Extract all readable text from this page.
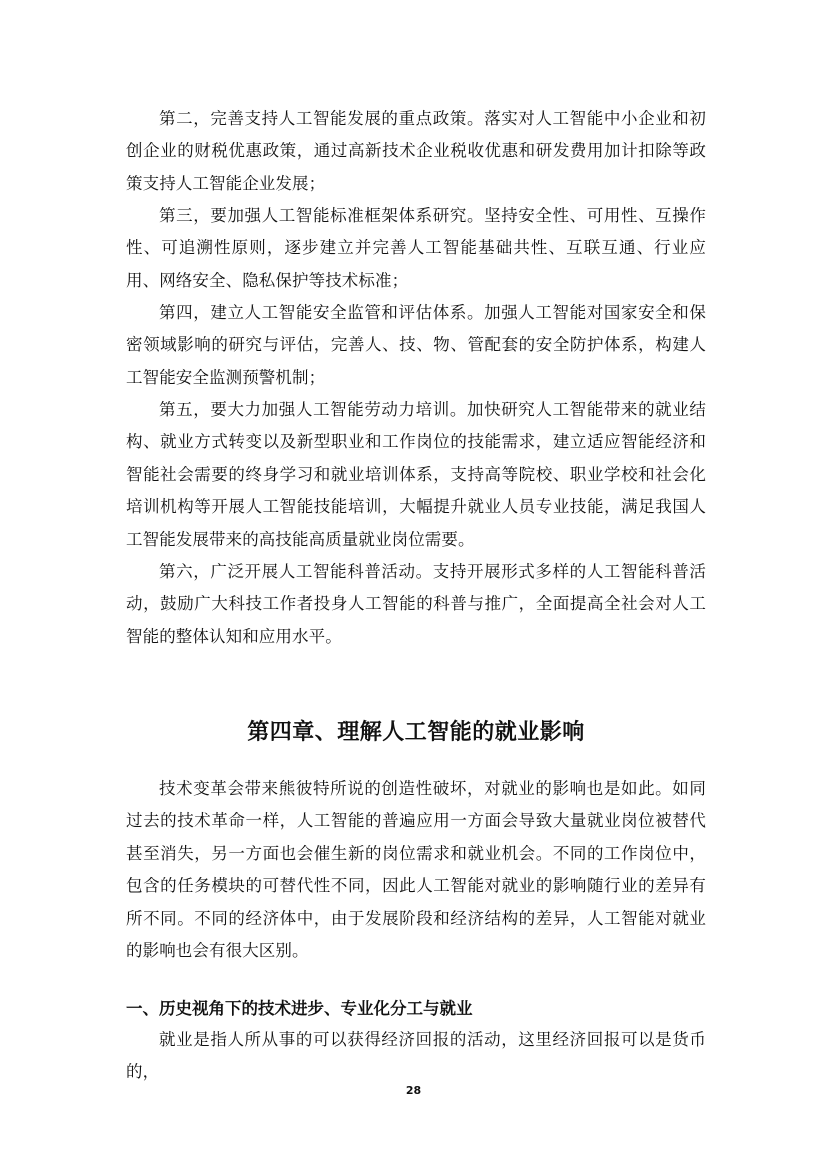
第二，完善支持人工智能发展的重点政策。落实对人工智能中小企业和初创企业的财税优惠政策，通过高新技术企业税收优惠和研发费用加计扣除等政策支持人工智能企业发展；

第三，要加强人工智能标准框架体系研究。坚持安全性、可用性、互操作性、可追溯性原则，逐步建立并完善人工智能基础共性、互联互通、行业应用、网络安全、隐私保护等技术标准；

第四，建立人工智能安全监管和评估体系。加强人工智能对国家安全和保密领域影响的研究与评估，完善人、技、物、管配套的安全防护体系，构建人工智能安全监测预警机制；

第五，要大力加强人工智能劳动力培训。加快研究人工智能带来的就业结构、就业方式转变以及新型职业和工作岗位的技能需求，建立适应智能经济和智能社会需要的终身学习和就业培训体系，支持高等院校、职业学校和社会化培训机构等开展人工智能技能培训，大幅提升就业人员专业技能，满足我国人工智能发展带来的高技能高质量就业岗位需要。

第六，广泛开展人工智能科普活动。支持开展形式多样的人工智能科普活动，鼓励广大科技工作者投身人工智能的科普与推广，全面提高全社会对人工智能的整体认知和应用水平。

第四章、理解人工智能的就业影响

技术变革会带来熊彼特所说的创造性破坏，对就业的影响也是如此。如同过去的技术革命一样，人工智能的普遍应用一方面会导致大量就业岗位被替代甚至消失，另一方面也会催生新的岗位需求和就业机会。不同的工作岗位中，包含的任务模块的可替代性不同，因此人工智能对就业的影响随行业的差异有所不同。不同的经济体中，由于发展阶段和经济结构的差异，人工智能对就业的影响也会有很大区别。

一、历史视角下的技术进步、专业化分工与就业

就业是指人所从事的可以获得经济回报的活动，这里经济回报可以是货币的，

28
